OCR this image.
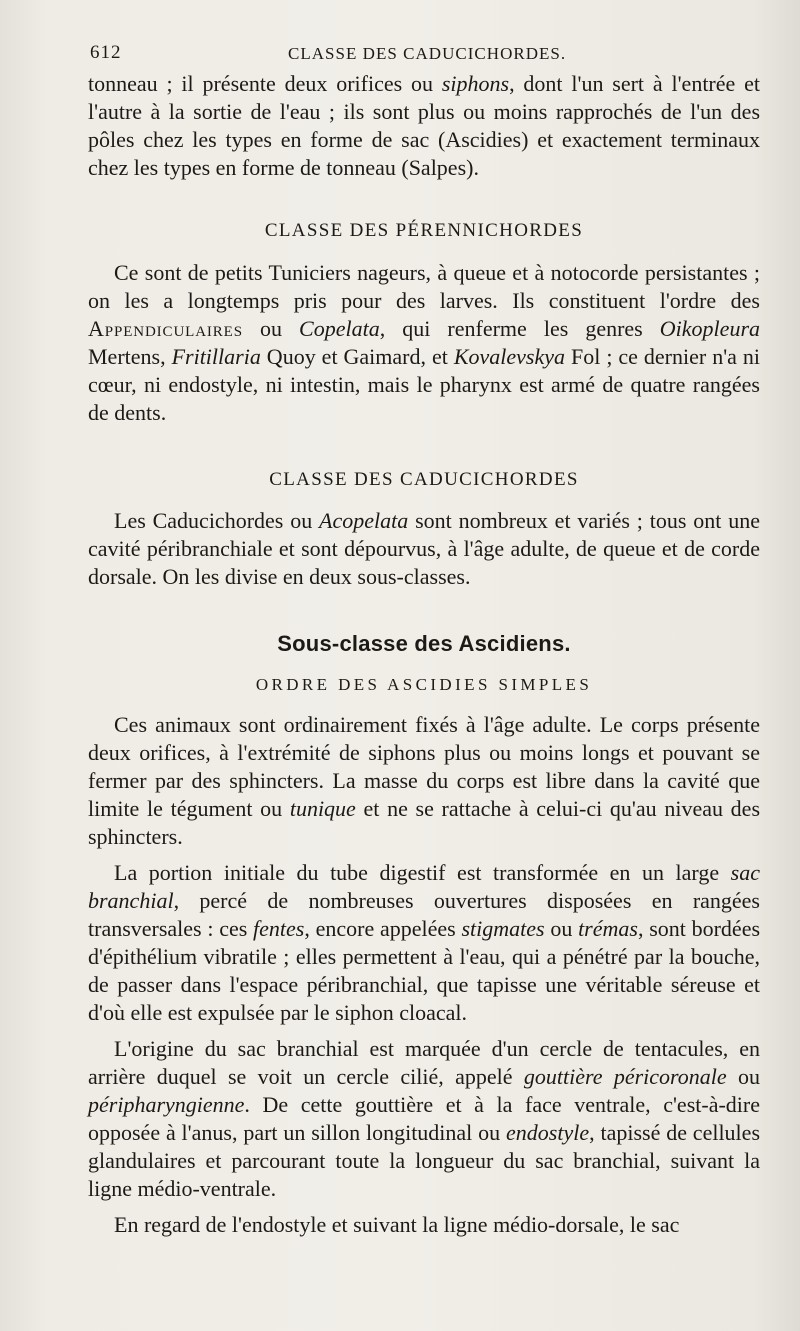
612	CLASSE DES CADUCICHORDES.

tonneau ; il présente deux orifices ou siphons, dont l'un sert à l'entrée et l'autre à la sortie de l'eau ; ils sont plus ou moins rapprochés de l'un des pôles chez les types en forme de sac (Ascidies) et exactement terminaux chez les types en forme de tonneau (Salpes).

CLASSE DES PÉRENNICHORDES

Ce sont de petits Tuniciers nageurs, à queue et à notocorde persistantes ; on les a longtemps pris pour des larves. Ils constituent l'ordre des Appendiculaires ou Copelata, qui renferme les genres Oikopleura Mertens, Fritillaria Quoy et Gaimard, et Kovalevskya Fol ; ce dernier n'a ni cœur, ni endostyle, ni intestin, mais le pharynx est armé de quatre rangées de dents.

CLASSE DES CADUCICHORDES

Les Caducichordes ou Acopelata sont nombreux et variés ; tous ont une cavité péribranchiale et sont dépourvus, à l'âge adulte, de queue et de corde dorsale. On les divise en deux sous-classes.

Sous-classe des Ascidiens.
ORDRE DES ASCIDIES SIMPLES

Ces animaux sont ordinairement fixés à l'âge adulte. Le corps présente deux orifices, à l'extrémité de siphons plus ou moins longs et pouvant se fermer par des sphincters. La masse du corps est libre dans la cavité que limite le tégument ou tunique et ne se rattache à celui-ci qu'au niveau des sphincters.

La portion initiale du tube digestif est transformée en un large sac branchial, percé de nombreuses ouvertures disposées en rangées transversales : ces fentes, encore appelées stigmates ou trémas, sont bordées d'épithélium vibratile ; elles permettent à l'eau, qui a pénétré par la bouche, de passer dans l'espace péribranchial, que tapisse une véritable séreuse et d'où elle est expulsée par le siphon cloacal.

L'origine du sac branchial est marquée d'un cercle de tentacules, en arrière duquel se voit un cercle cilié, appelé gouttière péricoronale ou péripharyngienne. De cette gouttière et à la face ventrale, c'est-à-dire opposée à l'anus, part un sillon longitudinal ou endostyle, tapissé de cellules glandulaires et parcourant toute la longueur du sac branchial, suivant la ligne médio-ventrale.

En regard de l'endostyle et suivant la ligne médio-dorsale, le sac
